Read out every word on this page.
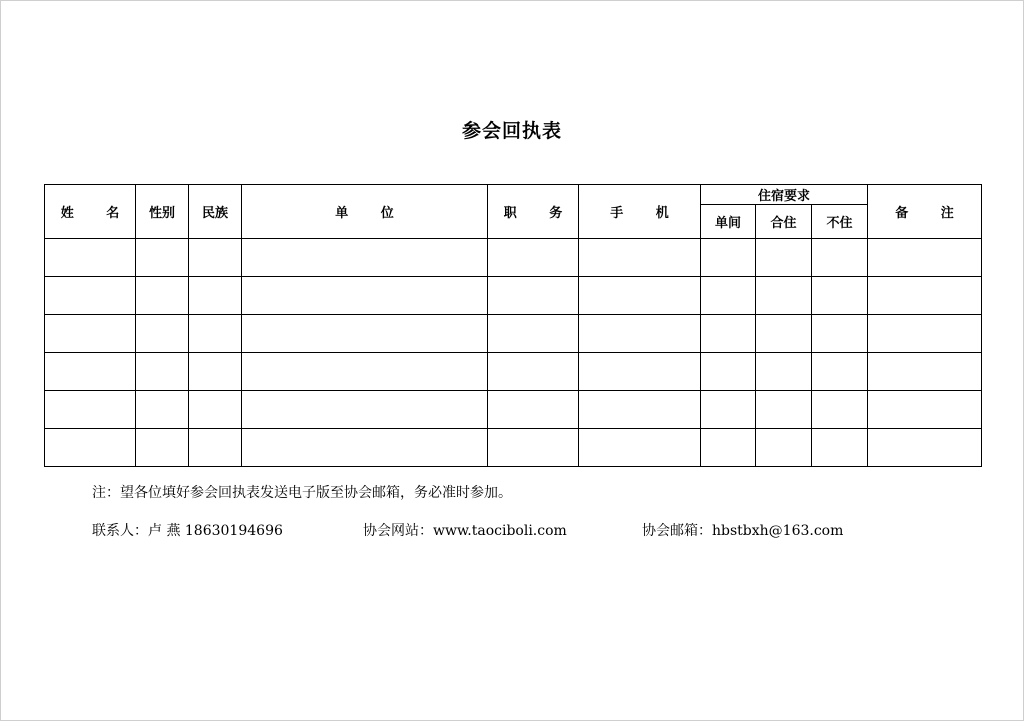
参会回执表
姓 名	性别	民族	单 位	职 务	手 机	住宿要求			备 注
						单间	合住	不住	

注：望各位填好参会回执表发送电子版至协会邮箱，务必准时参加。
联系人：卢 燕 18630194696	协会网站：www.taociboli.com	协会邮箱：hbstbxh@163.com
